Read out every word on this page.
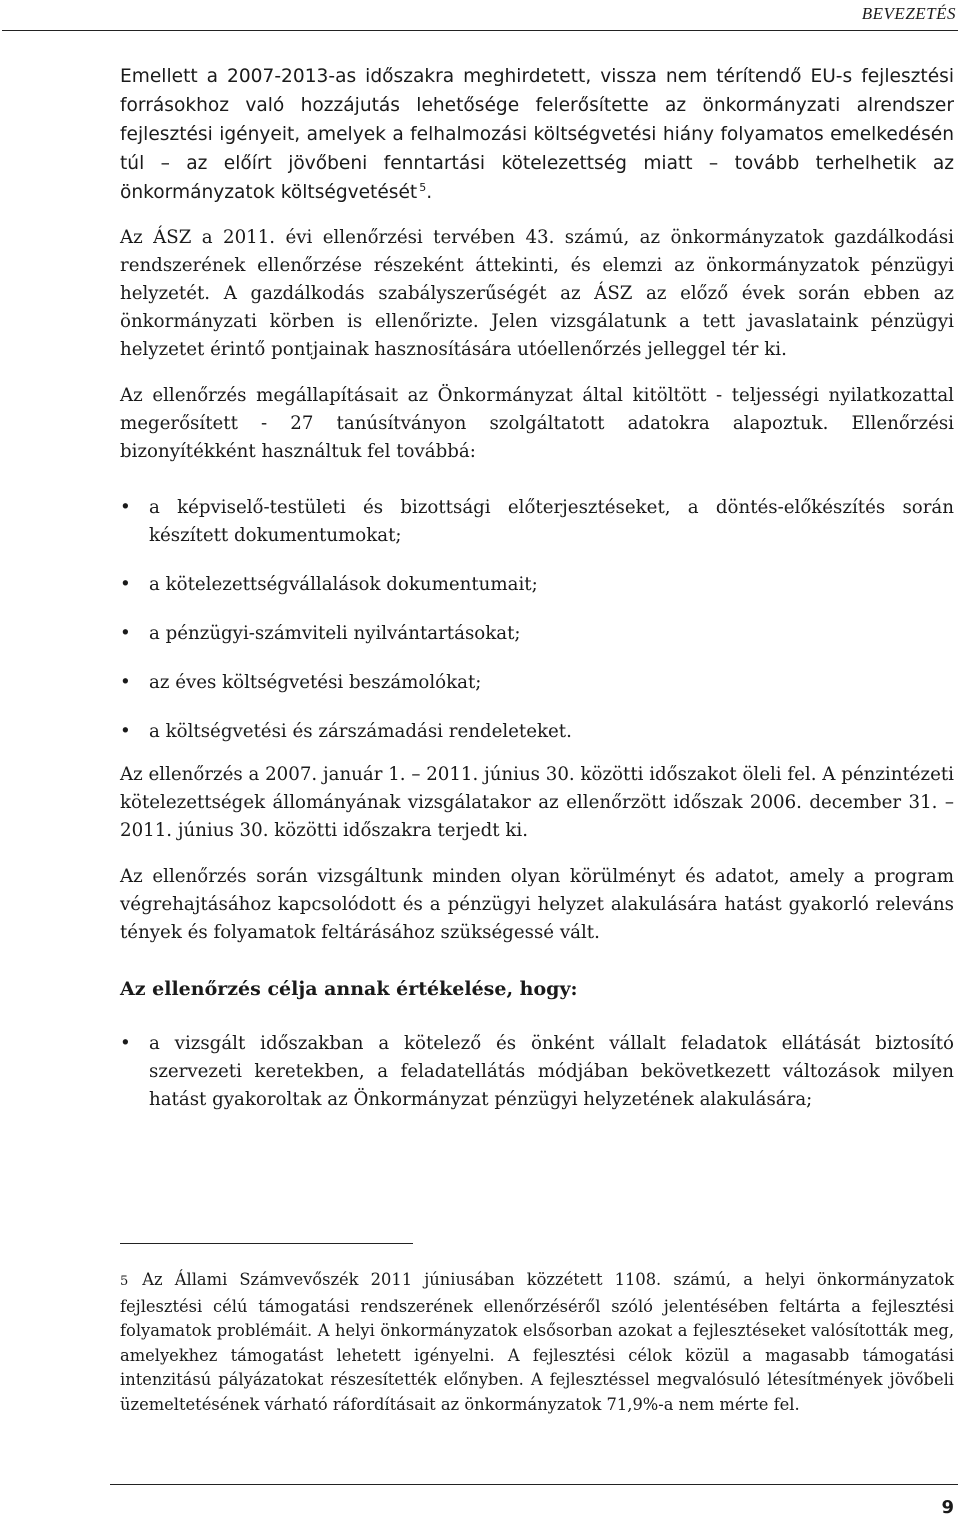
BEVEZETÉS

Emellett a 2007-2013-as időszakra meghirdetett, vissza nem térítendő EU-s fejlesztési forrásokhoz való hozzájutás lehetősége felerősítette az önkormányzati alrendszer fejlesztési igényeit, amelyek a felhalmozási költségvetési hiány folyamatos emelkedésén túl – az előírt jövőbeni fenntartási kötelezettség miatt – tovább terhelhetik az önkormányzatok költségvetését $^5$.

Az ÁSZ a 2011. évi ellenőrzési tervében 43. számú, az önkormányzatok gazdálkodási rendszerének ellenőrzése részeként áttekinti, és elemzi az önkormányzatok pénzügyi helyzetét. A gazdálkodás szabályszerűségét az ÁSZ az előző évek során ebben az önkormányzati körben is ellenőrizte. Jelen vizsgálatunk a tett javaslataink pénzügyi helyzetet érintő pontjainak hasznosítására utóellenőrzés jelleggel tér ki.

Az ellenőrzés megállapításait az Önkormányzat által kitöltött - teljességi nyilatkozattal megerősített - 27 tanúsítványon szolgáltatott adatokra alapoztuk. Ellenőrzési bizonyítékként használtuk fel továbbá:

• a képviselő-testületi és bizottsági előterjesztéseket, a döntés-előkészítés során készített dokumentumokat;
• a kötelezettségvállalások dokumentumait;
• a pénzügyi-számviteli nyilvántartásokat;
• az éves költségvetési beszámolókat;
• a költségvetési és zárszámadási rendeleteket.

Az ellenőrzés a 2007. január 1. – 2011. június 30. közötti időszakot öleli fel. A pénzintézeti kötelezettségek állományának vizsgálatakor az ellenőrzött időszak 2006. december 31. – 2011. június 30. közötti időszakra terjedt ki.

Az ellenőrzés során vizsgáltunk minden olyan körülményt és adatot, amely a program végrehajtásához kapcsolódott és a pénzügyi helyzet alakulására hatást gyakorló releváns tények és folyamatok feltárásához szükségessé vált.

Az ellenőrzés célja annak értékelése, hogy:

• a vizsgált időszakban a kötelező és önként vállalt feladatok ellátását biztosító szervezeti keretekben, a feladatellátás módjában bekövetkezett változások milyen hatást gyakoroltak az Önkormányzat pénzügyi helyzetének alakulására;
5 Az Állami Számvevőszék 2011 júniusában közzétett 1108. számú, a helyi önkormányzatok fejlesztési célú támogatási rendszerének ellenőrzéséről szóló jelentésében feltárta a fejlesztési folyamatok problémáit. A helyi önkormányzatok elsősorban azokat a fejlesztéseket valósították meg, amelyekhez támogatást lehetett igényelni. A fejlesztési célok közül a magasabb támogatási intenzitású pályázatokat részesítették előnyben. A fejlesztéssel megvalósuló létesítmények jövőbeli üzemeltetésének várható ráfordításait az önkormányzatok 71,9%-a nem mérte fel.
9
